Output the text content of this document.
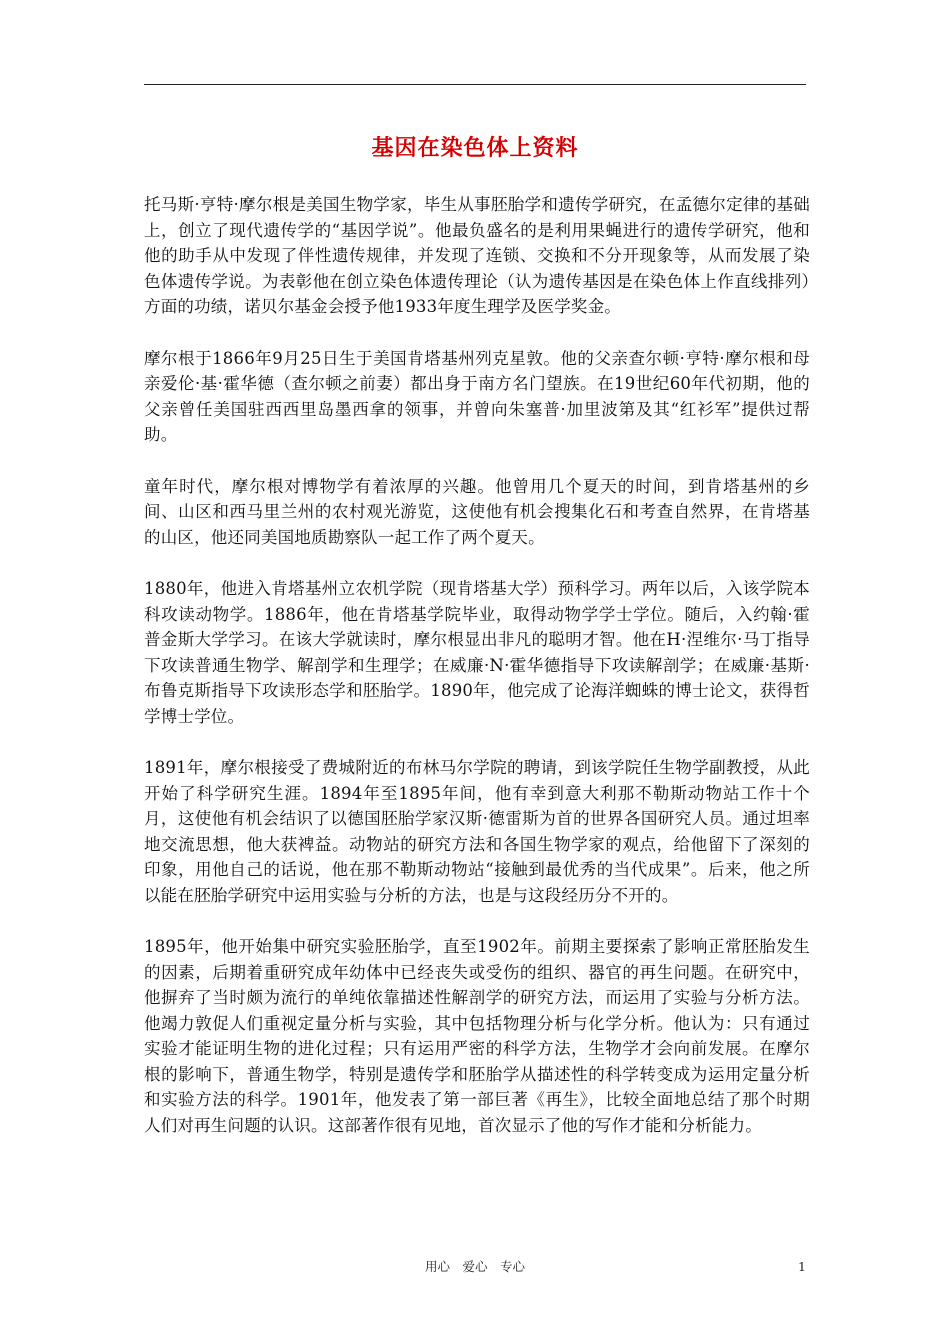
基因在染色体上资料

托马斯·亨特·摩尔根是美国生物学家，毕生从事胚胎学和遗传学研究，在孟德尔定律的基础上，创立了现代遗传学的“基因学说”。他最负盛名的是利用果蝇进行的遗传学研究，他和他的助手从中发现了伴性遗传规律，并发现了连锁、交换和不分开现象等，从而发展了染色体遗传学说。为表彰他在创立染色体遗传理论（认为遗传基因是在染色体上作直线排列）方面的功绩，诺贝尔基金会授予他1933年度生理学及医学奖金。

摩尔根于1866年9月25日生于美国肯塔基州列克星敦。他的父亲查尔顿·亨特·摩尔根和母亲爱伦·基·霍华德（查尔顿之前妻）都出身于南方名门望族。在19世纪60年代初期，他的父亲曾任美国驻西西里岛墨西拿的领事，并曾向朱塞普·加里波第及其“红衫军”提供过帮助。

童年时代，摩尔根对博物学有着浓厚的兴趣。他曾用几个夏天的时间，到肯塔基州的乡间、山区和西马里兰州的农村观光游览，这使他有机会搜集化石和考查自然界，在肯塔基的山区，他还同美国地质勘察队一起工作了两个夏天。

1880年，他进入肯塔基州立农机学院（现肯塔基大学）预科学习。两年以后，入该学院本科攻读动物学。1886年，他在肯塔基学院毕业，取得动物学学士学位。随后，入约翰·霍普金斯大学学习。在该大学就读时，摩尔根显出非凡的聪明才智。他在H·涅维尔·马丁指导下攻读普通生物学、解剖学和生理学；在威廉·N·霍华德指导下攻读解剖学；在威廉·基斯·布鲁克斯指导下攻读形态学和胚胎学。1890年，他完成了论海洋蜘蛛的博士论文，获得哲学博士学位。

1891年，摩尔根接受了费城附近的布林马尔学院的聘请，到该学院任生物学副教授，从此开始了科学研究生涯。1894年至1895年间，他有幸到意大利那不勒斯动物站工作十个月，这使他有机会结识了以德国胚胎学家汉斯·德雷斯为首的世界各国研究人员。通过坦率地交流思想，他大获裨益。动物站的研究方法和各国生物学家的观点，给他留下了深刻的印象，用他自己的话说，他在那不勒斯动物站“接触到最优秀的当代成果”。后来，他之所以能在胚胎学研究中运用实验与分析的方法，也是与这段经历分不开的。

1895年，他开始集中研究实验胚胎学，直至1902年。前期主要探索了影响正常胚胎发生的因素，后期着重研究成年幼体中已经丧失或受伤的组织、器官的再生问题。在研究中，他摒弃了当时颇为流行的单纯依靠描述性解剖学的研究方法，而运用了实验与分析方法。他竭力敦促人们重视定量分析与实验，其中包括物理分析与化学分析。他认为：只有通过实验才能证明生物的进化过程；只有运用严密的科学方法，生物学才会向前发展。在摩尔根的影响下，普通生物学，特别是遗传学和胚胎学从描述性的科学转变成为运用定量分析和实验方法的科学。1901年，他发表了第一部巨著《再生》，比较全面地总结了那个时期人们对再生问题的认识。这部著作很有见地，首次显示了他的写作才能和分析能力。

用心　爱心　专心	1
